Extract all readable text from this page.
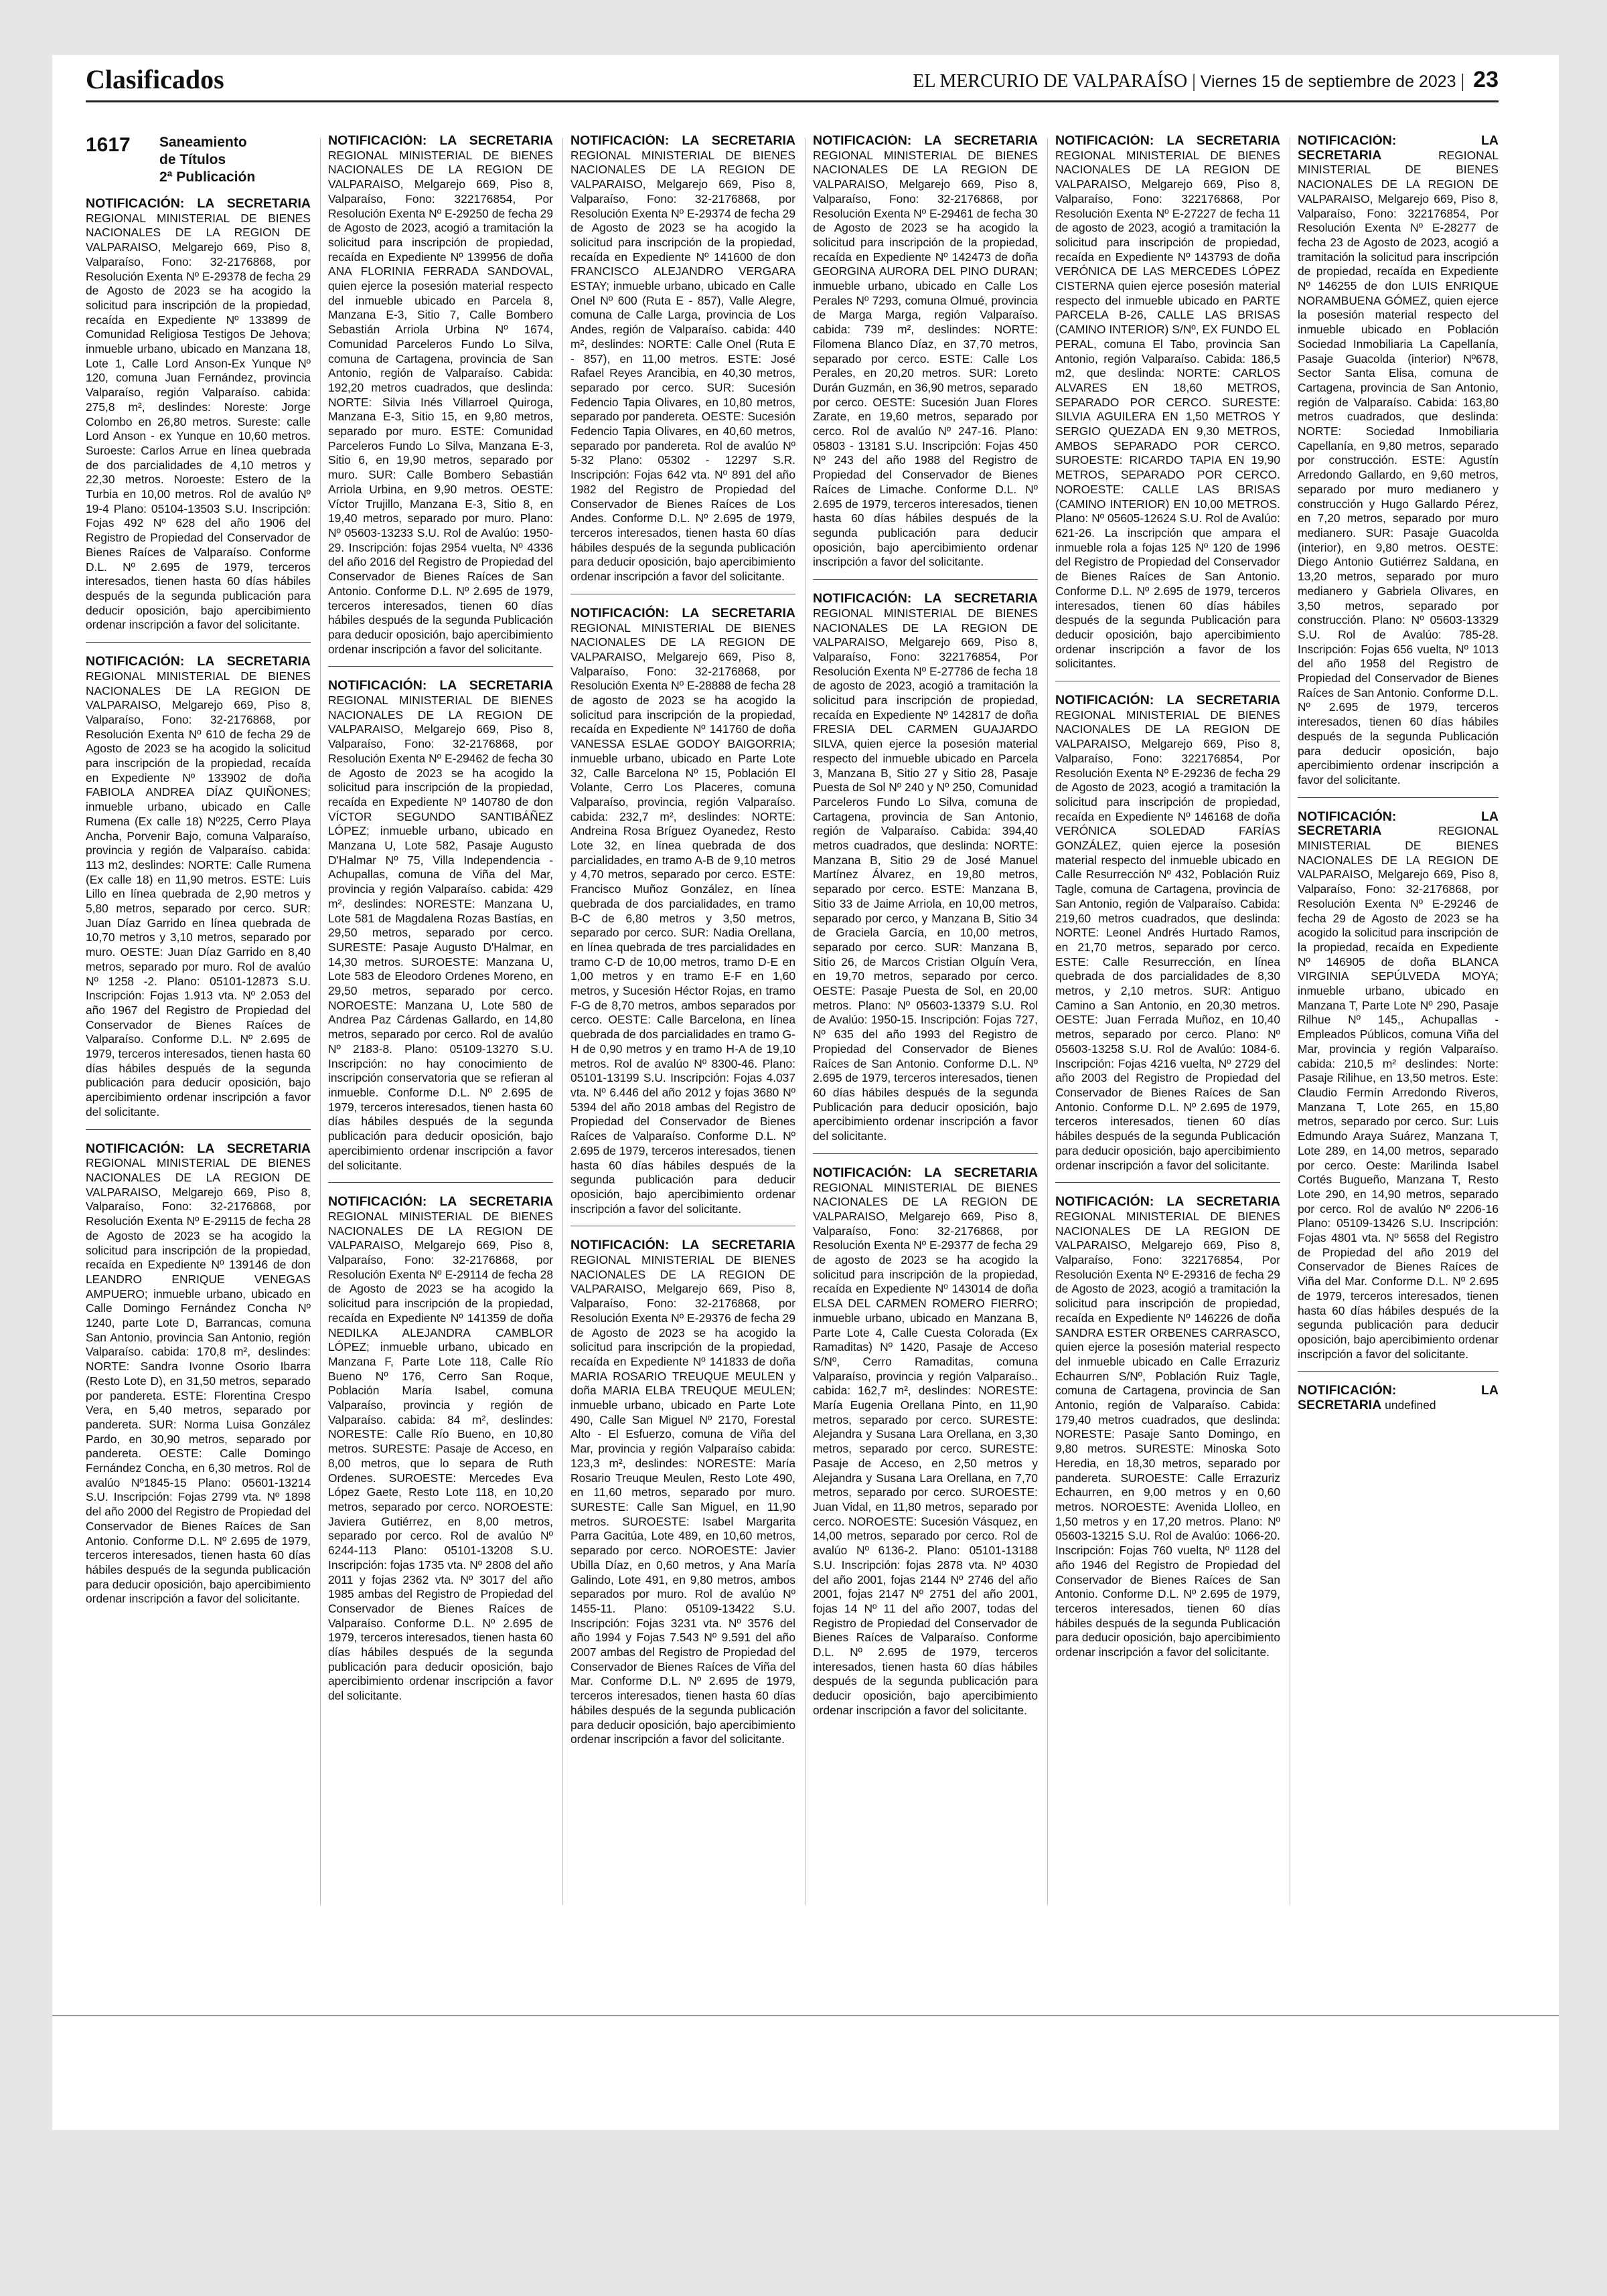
Clasificados	EL MERCURIO DE VALPARAÍSO | Viernes 15 de septiembre de 2023 | 23
1617	Saneamiento
de Títulos
2ª Publicación
NOTIFICACIÓN: LA SECRETARIA REGIONAL MINISTERIAL DE BIENES NACIONALES DE LA REGION DE VALPARAISO, Melgarejo 669, Piso 8, Valparaíso, Fono: 32-2176868, por Resolución Exenta Nº E-29378 de fecha 29 de Agosto de 2023 se ha acogido la solicitud para inscripción de la propiedad, recaída en Expediente Nº 133899 de Comunidad Religiosa Testigos De Jehova; inmueble urbano, ubicado en Manzana 18, Lote 1, Calle Lord Anson-Ex Yunque Nº 120, comuna Juan Fernández, provincia Valparaíso, región Valparaíso. cabida: 275,8 m², deslindes: Noreste: Jorge Colombo en 26,80 metros. Sureste: calle Lord Anson - ex Yunque en 10,60 metros. Suroeste: Carlos Arrue en línea quebrada de dos parcialidades de 4,10 metros y 22,30 metros. Noroeste: Estero de la Turbia en 10,00 metros. Rol de avalúo Nº 19-4 Plano: 05104-13503 S.U. Inscripción: Fojas 492 Nº 628 del año 1906 del Registro de Propiedad del Conservador de Bienes Raíces de Valparaíso. Conforme D.L. Nº 2.695 de 1979, terceros interesados, tienen hasta 60 días hábiles después de la segunda publicación para deducir oposición, bajo apercibimiento ordenar inscripción a favor del solicitante.
NOTIFICACIÓN: LA SECRETARIA REGIONAL MINISTERIAL DE BIENES NACIONALES DE LA REGION DE VALPARAISO, Melgarejo 669, Piso 8, Valparaíso, Fono: 32-2176868, por Resolución Exenta Nº 610 de fecha 29 de Agosto de 2023 se ha acogido la solicitud para inscripción de la propiedad, recaída en Expediente Nº 133902 de doña FABIOLA ANDREA DÍAZ QUIÑONES; inmueble urbano, ubicado en Calle Rumena (Ex calle 18) Nº225, Cerro Playa Ancha, Porvenir Bajo, comuna Valparaíso, provincia y región de Valparaíso. cabida: 113 m2, deslindes: NORTE: Calle Rumena (Ex calle 18) en 11,90 metros. ESTE: Luis Lillo en línea quebrada de 2,90 metros y 5,80 metros, separado por cerco. SUR: Juan Díaz Garrido en línea quebrada de 10,70 metros y 3,10 metros, separado por muro. OESTE: Juan Díaz Garrido en 8,40 metros, separado por muro. Rol de avalúo Nº 1258 -2. Plano: 05101-12873 S.U. Inscripción: Fojas 1.913 vta. Nº 2.053 del año 1967 del Registro de Propiedad del Conservador de Bienes Raíces de Valparaíso. Conforme D.L. Nº 2.695 de 1979, terceros interesados, tienen hasta 60 días hábiles después de la segunda publicación para deducir oposición, bajo apercibimiento ordenar inscripción a favor del solicitante.
NOTIFICACIÓN: LA SECRETARIA REGIONAL MINISTERIAL DE BIENES NACIONALES DE LA REGION DE VALPARAISO, Melgarejo 669, Piso 8, Valparaíso, Fono: 32-2176868, por Resolución Exenta Nº E-29115 de fecha 28 de Agosto de 2023 se ha acogido la solicitud para inscripción de la propiedad, recaída en Expediente Nº 139146 de don LEANDRO ENRIQUE VENEGAS AMPUERO; inmueble urbano, ubicado en Calle Domingo Fernández Concha Nº 1240, parte Lote D, Barrancas, comuna San Antonio, provincia San Antonio, región Valparaíso. cabida: 170,8 m², deslindes: NORTE: Sandra Ivonne Osorio Ibarra (Resto Lote D), en 31,50 metros, separado por pandereta. ESTE: Florentina Crespo Vera, en 5,40 metros, separado por pandereta. SUR: Norma Luisa González Pardo, en 30,90 metros, separado por pandereta. OESTE: Calle Domingo Fernández Concha, en 6,30 metros. Rol de avalúo Nº1845-15 Plano: 05601-13214 S.U. Inscripción: Fojas 2799 vta. Nº 1898 del año 2000 del Registro de Propiedad del Conservador de Bienes Raíces de San Antonio. Conforme D.L. Nº 2.695 de 1979, terceros interesados, tienen hasta 60 días hábiles después de la segunda publicación para deducir oposición, bajo apercibimiento ordenar inscripción a favor del solicitante.
NOTIFICACIÓN: LA SECRETARIA REGIONAL MINISTERIAL DE BIENES NACIONALES DE LA REGION DE VALPARAISO, Melgarejo 669, Piso 8, Valparaíso, Fono: 322176854, Por Resolución Exenta Nº E-29250 de fecha 29 de Agosto de 2023, acogió a tramitación la solicitud para inscripción de propiedad, recaída en Expediente Nº 139956 de doña ANA FLORINIA FERRADA SANDOVAL, quien ejerce la posesión material respecto del inmueble ubicado en Parcela 8, Manzana E-3, Sitio 7, Calle Bombero Sebastián Arriola Urbina Nº 1674, Comunidad Parceleros Fundo Lo Silva, comuna de Cartagena, provincia de San Antonio, región de Valparaíso. Cabida: 192,20 metros cuadrados, que deslinda: NORTE: Silvia Inés Villarroel Quiroga, Manzana E-3, Sitio 15, en 9,80 metros, separado por muro. ESTE: Comunidad Parceleros Fundo Lo Silva, Manzana E-3, Sitio 6, en 19,90 metros, separado por muro. SUR: Calle Bombero Sebastián Arriola Urbina, en 9,90 metros. OESTE: Víctor Trujillo, Manzana E-3, Sitio 8, en 19,40 metros, separado por muro. Plano: Nº 05603-13233 S.U. Rol de Avalúo: 1950-29. Inscripción: fojas 2954 vuelta, Nº 4336 del año 2016 del Registro de Propiedad del Conservador de Bienes Raíces de San Antonio. Conforme D.L. Nº 2.695 de 1979, terceros interesados, tienen 60 días hábiles después de la segunda Publicación para deducir oposición, bajo apercibimiento ordenar inscripción a favor del solicitante.
NOTIFICACIÓN: LA SECRETARIA REGIONAL MINISTERIAL DE BIENES NACIONALES DE LA REGION DE VALPARAISO, Melgarejo 669, Piso 8, Valparaíso, Fono: 32-2176868, por Resolución Exenta Nº E-29462 de fecha 30 de Agosto de 2023 se ha acogido la solicitud para inscripción de la propiedad, recaída en Expediente Nº 140780 de don VÍCTOR SEGUNDO SANTIBÁÑEZ LÓPEZ; inmueble urbano, ubicado en Manzana U, Lote 582, Pasaje Augusto D'Halmar Nº 75, Villa Independencia - Achupallas, comuna de Viña del Mar, provincia y región Valparaíso. cabida: 429 m², deslindes: NORESTE: Manzana U, Lote 581 de Magdalena Rozas Bastías, en 29,50 metros, separado por cerco. SURESTE: Pasaje Augusto D'Halmar, en 14,30 metros. SUROESTE: Manzana U, Lote 583 de Eleodoro Ordenes Moreno, en 29,50 metros, separado por cerco. NOROESTE: Manzana U, Lote 580 de Andrea Paz Cárdenas Gallardo, en 14,80 metros, separado por cerco. Rol de avalúo Nº 2183-8. Plano: 05109-13270 S.U. Inscripción: no hay conocimiento de inscripción conservatoria que se refieran al inmueble. Conforme D.L. Nº 2.695 de 1979, terceros interesados, tienen hasta 60 días hábiles después de la segunda publicación para deducir oposición, bajo apercibimiento ordenar inscripción a favor del solicitante.
NOTIFICACIÓN: LA SECRETARIA REGIONAL MINISTERIAL DE BIENES NACIONALES DE LA REGION DE VALPARAISO, Melgarejo 669, Piso 8, Valparaíso, Fono: 32-2176868, por Resolución Exenta Nº E-29114 de fecha 28 de Agosto de 2023 se ha acogido la solicitud para inscripción de la propiedad, recaída en Expediente Nº 141359 de doña NEDILKA ALEJANDRA CAMBLOR LÓPEZ; inmueble urbano, ubicado en Manzana F, Parte Lote 118, Calle Río Bueno Nº 176, Cerro San Roque, Población María Isabel, comuna Valparaíso, provincia y región de Valparaíso. cabida: 84 m², deslindes: NORESTE: Calle Río Bueno, en 10,80 metros. SURESTE: Pasaje de Acceso, en 8,00 metros, que lo separa de Ruth Ordenes. SUROESTE: Mercedes Eva López Gaete, Resto Lote 118, en 10,20 metros, separado por cerco. NOROESTE: Javiera Gutiérrez, en 8,00 metros, separado por cerco. Rol de avalúo Nº 6244-113 Plano: 05101-13208 S.U. Inscripción: fojas 1735 vta. Nº 2808 del año 2011 y fojas 2362 vta. Nº 3017 del año 1985 ambas del Registro de Propiedad del Conservador de Bienes Raíces de Valparaíso. Conforme D.L. Nº 2.695 de 1979, terceros interesados, tienen hasta 60 días hábiles después de la segunda publicación para deducir oposición, bajo apercibimiento ordenar inscripción a favor del solicitante.
NOTIFICACIÓN: LA SECRETARIA REGIONAL MINISTERIAL DE BIENES NACIONALES DE LA REGION DE VALPARAISO, Melgarejo 669, Piso 8, Valparaíso, Fono: 32-2176868, por Resolución Exenta Nº E-29374 de fecha 29 de Agosto de 2023 se ha acogido la solicitud para inscripción de la propiedad, recaída en Expediente Nº 141600 de don FRANCISCO ALEJANDRO VERGARA ESTAY; inmueble urbano, ubicado en Calle Onel Nº 600 (Ruta E - 857), Valle Alegre, comuna de Calle Larga, provincia de Los Andes, región de Valparaíso. cabida: 440 m², deslindes: NORTE: Calle Onel (Ruta E - 857), en 11,00 metros. ESTE: José Rafael Reyes Arancibia, en 40,30 metros, separado por cerco. SUR: Sucesión Fedencio Tapia Olivares, en 10,80 metros, separado por pandereta. OESTE: Sucesión Fedencio Tapia Olivares, en 40,60 metros, separado por pandereta. Rol de avalúo Nº 5-32 Plano: 05302 - 12297 S.R. Inscripción: Fojas 642 vta. Nº 891 del año 1982 del Registro de Propiedad del Conservador de Bienes Raíces de Los Andes. Conforme D.L. Nº 2.695 de 1979, terceros interesados, tienen hasta 60 días hábiles después de la segunda publicación para deducir oposición, bajo apercibimiento ordenar inscripción a favor del solicitante.
NOTIFICACIÓN: LA SECRETARIA REGIONAL MINISTERIAL DE BIENES NACIONALES DE LA REGION DE VALPARAISO, Melgarejo 669, Piso 8, Valparaíso, Fono: 32-2176868, por Resolución Exenta Nº E-28888 de fecha 28 de agosto de 2023 se ha acogido la solicitud para inscripción de la propiedad, recaída en Expediente Nº 141760 de doña VANESSA ESLAE GODOY BAIGORRIA; inmueble urbano, ubicado en Parte Lote 32, Calle Barcelona Nº 15, Población El Volante, Cerro Los Placeres, comuna Valparaíso, provincia, región Valparaíso. cabida: 232,7 m², deslindes: NORTE: Andreina Rosa Bríguez Oyanedez, Resto Lote 32, en línea quebrada de dos parcialidades, en tramo A-B de 9,10 metros y 4,70 metros, separado por cerco. ESTE: Francisco Muñoz González, en línea quebrada de dos parcialidades, en tramo B-C de 6,80 metros y 3,50 metros, separado por cerco. SUR: Nadia Orellana, en línea quebrada de tres parcialidades en tramo C-D de 10,00 metros, tramo D-E en 1,00 metros y en tramo E-F en 1,60 metros, y Sucesión Héctor Rojas, en tramo F-G de 8,70 metros, ambos separados por cerco. OESTE: Calle Barcelona, en línea quebrada de dos parcialidades en tramo G-H de 0,90 metros y en tramo H-A de 19,10 metros. Rol de avalúo Nº 8300-46. Plano: 05101-13199 S.U. Inscripción: Fojas 4.037 vta. Nº 6.446 del año 2012 y fojas 3680 Nº 5394 del año 2018 ambas del Registro de Propiedad del Conservador de Bienes Raíces de Valparaíso. Conforme D.L. Nº 2.695 de 1979, terceros interesados, tienen hasta 60 días hábiles después de la segunda publicación para deducir oposición, bajo apercibimiento ordenar inscripción a favor del solicitante.
NOTIFICACIÓN: LA SECRETARIA REGIONAL MINISTERIAL DE BIENES NACIONALES DE LA REGION DE VALPARAISO, Melgarejo 669, Piso 8, Valparaíso, Fono: 32-2176868, por Resolución Exenta Nº E-29376 de fecha 29 de Agosto de 2023 se ha acogido la solicitud para inscripción de la propiedad, recaída en Expediente Nº 141833 de doña MARIA ROSARIO TREUQUE MEULEN y doña MARIA ELBA TREUQUE MEULEN; inmueble urbano, ubicado en Parte Lote 490, Calle San Miguel Nº 2170, Forestal Alto - El Esfuerzo, comuna de Viña del Mar, provincia y región Valparaíso cabida: 123,3 m², deslindes: NORESTE: María Rosario Treuque Meulen, Resto Lote 490, en 11,60 metros, separado por muro. SURESTE: Calle San Miguel, en 11,90 metros. SUROESTE: Isabel Margarita Parra Gacitúa, Lote 489, en 10,60 metros, separado por cerco. NOROESTE: Javier Ubilla Díaz, en 0,60 metros, y Ana María Galindo, Lote 491, en 9,80 metros, ambos separados por muro. Rol de avalúo Nº 1455-11. Plano: 05109-13422 S.U. Inscripción: Fojas 3231 vta. Nº 3576 del año 1994 y Fojas 7.543 Nº 9.591 del año 2007 ambas del Registro de Propiedad del Conservador de Bienes Raíces de Viña del Mar. Conforme D.L. Nº 2.695 de 1979, terceros interesados, tienen hasta 60 días hábiles después de la segunda publicación para deducir oposición, bajo apercibimiento ordenar inscripción a favor del solicitante.
NOTIFICACIÓN: LA SECRETARIA REGIONAL MINISTERIAL DE BIENES NACIONALES DE LA REGION DE VALPARAISO, Melgarejo 669, Piso 8, Valparaíso, Fono: 32-2176868, por Resolución Exenta Nº E-29461 de fecha 30 de Agosto de 2023 se ha acogido la solicitud para inscripción de la propiedad, recaída en Expediente Nº 142473 de doña GEORGINA AURORA DEL PINO DURAN; inmueble urbano, ubicado en Calle Los Perales Nº 7293, comuna Olmué, provincia de Marga Marga, región Valparaíso. cabida: 739 m², deslindes: NORTE: Filomena Blanco Díaz, en 37,70 metros, separado por cerco. ESTE: Calle Los Perales, en 20,20 metros. SUR: Loreto Durán Guzmán, en 36,90 metros, separado por cerco. OESTE: Sucesión Juan Flores Zarate, en 19,60 metros, separado por cerco. Rol de avalúo Nº 247-16. Plano: 05803 - 13181 S.U. Inscripción: Fojas 450 Nº 243 del año 1988 del Registro de Propiedad del Conservador de Bienes Raíces de Limache. Conforme D.L. Nº 2.695 de 1979, terceros interesados, tienen hasta 60 días hábiles después de la segunda publicación para deducir oposición, bajo apercibimiento ordenar inscripción a favor del solicitante.
NOTIFICACIÓN: LA SECRETARIA REGIONAL MINISTERIAL DE BIENES NACIONALES DE LA REGION DE VALPARAISO, Melgarejo 669, Piso 8, Valparaíso, Fono: 322176854, Por Resolución Exenta Nº E-27786 de fecha 18 de agosto de 2023, acogió a tramitación la solicitud para inscripción de propiedad, recaída en Expediente Nº 142817 de doña FRESIA DEL CARMEN GUAJARDO SILVA, quien ejerce la posesión material respecto del inmueble ubicado en Parcela 3, Manzana B, Sitio 27 y Sitio 28, Pasaje Puesta de Sol Nº 240 y Nº 250, Comunidad Parceleros Fundo Lo Silva, comuna de Cartagena, provincia de San Antonio, región de Valparaíso. Cabida: 394,40 metros cuadrados, que deslinda: NORTE: Manzana B, Sitio 29 de José Manuel Martínez Álvarez, en 19,80 metros, separado por cerco. ESTE: Manzana B, Sitio 33 de Jaime Arriola, en 10,00 metros, separado por cerco, y Manzana B, Sitio 34 de Graciela García, en 10,00 metros, separado por cerco. SUR: Manzana B, Sitio 26, de Marcos Cristian Olguín Vera, en 19,70 metros, separado por cerco. OESTE: Pasaje Puesta de Sol, en 20,00 metros. Plano: Nº 05603-13379 S.U. Rol de Avalúo: 1950-15. Inscripción: Fojas 727, Nº 635 del año 1993 del Registro de Propiedad del Conservador de Bienes Raíces de San Antonio. Conforme D.L. Nº 2.695 de 1979, terceros interesados, tienen 60 días hábiles después de la segunda Publicación para deducir oposición, bajo apercibimiento ordenar inscripción a favor del solicitante.
NOTIFICACIÓN: LA SECRETARIA REGIONAL MINISTERIAL DE BIENES NACIONALES DE LA REGION DE VALPARAISO, Melgarejo 669, Piso 8, Valparaíso, Fono: 32-2176868, por Resolución Exenta Nº E-29377 de fecha 29 de agosto de 2023 se ha acogido la solicitud para inscripción de la propiedad, recaída en Expediente Nº 143014 de doña ELSA DEL CARMEN ROMERO FIERRO; inmueble urbano, ubicado en Manzana B, Parte Lote 4, Calle Cuesta Colorada (Ex Ramaditas) Nº 1420, Pasaje de Acceso S/Nº, Cerro Ramaditas, comuna Valparaíso, provincia y región Valparaíso.. cabida: 162,7 m², deslindes: NORESTE: María Eugenia Orellana Pinto, en 11,90 metros, separado por cerco. SURESTE: Alejandra y Susana Lara Orellana, en 3,30 metros, separado por cerco. SURESTE: Pasaje de Acceso, en 2,50 metros y Alejandra y Susana Lara Orellana, en 7,70 metros, separado por cerco. SUROESTE: Juan Vidal, en 11,80 metros, separado por cerco. NOROESTE: Sucesión Vásquez, en 14,00 metros, separado por cerco. Rol de avalúo Nº 6136-2. Plano: 05101-13188 S.U. Inscripción: fojas 2878 vta. Nº 4030 del año 2001, fojas 2144 Nº 2746 del año 2001, fojas 2147 Nº 2751 del año 2001, fojas 14 Nº 11 del año 2007, todas del Registro de Propiedad del Conservador de Bienes Raíces de Valparaíso. Conforme D.L. Nº 2.695 de 1979, terceros interesados, tienen hasta 60 días hábiles después de la segunda publicación para deducir oposición, bajo apercibimiento ordenar inscripción a favor del solicitante.
NOTIFICACIÓN: LA SECRETARIA REGIONAL MINISTERIAL DE BIENES NACIONALES DE LA REGION DE VALPARAISO, Melgarejo 669, Piso 8, Valparaíso, Fono: 322176868, Por Resolución Exenta Nº E-27227 de fecha 11 de agosto de 2023, acogió a tramitación la solicitud para inscripción de propiedad, recaída en Expediente Nº 143793 de doña VERÓNICA DE LAS MERCEDES LÓPEZ CISTERNA quien ejerce posesión material respecto del inmueble ubicado en PARTE PARCELA B-26, CALLE LAS BRISAS (CAMINO INTERIOR) S/Nº, EX FUNDO EL PERAL, comuna El Tabo, provincia San Antonio, región Valparaíso. Cabida: 186,5 m2, que deslinda: NORTE: CARLOS ALVARES EN 18,60 METROS, SEPARADO POR CERCO. SURESTE: SILVIA AGUILERA EN 1,50 METROS Y SERGIO QUEZADA EN 9,30 METROS, AMBOS SEPARADO POR CERCO. SUROESTE: RICARDO TAPIA EN 19,90 METROS, SEPARADO POR CERCO. NOROESTE: CALLE LAS BRISAS (CAMINO INTERIOR) EN 10,00 METROS. Plano: Nº 05605-12624 S.U. Rol de Avalúo: 621-26. La inscripción que ampara el inmueble rola a fojas 125 Nº 120 de 1996 del Registro de Propiedad del Conservador de Bienes Raíces de San Antonio. Conforme D.L. Nº 2.695 de 1979, terceros interesados, tienen 60 días hábiles después de la segunda Publicación para deducir oposición, bajo apercibimiento ordenar inscripción a favor de los solicitantes.
NOTIFICACIÓN: LA SECRETARIA REGIONAL MINISTERIAL DE BIENES NACIONALES DE LA REGION DE VALPARAISO, Melgarejo 669, Piso 8, Valparaíso, Fono: 322176854, Por Resolución Exenta Nº E-29236 de fecha 29 de Agosto de 2023, acogió a tramitación la solicitud para inscripción de propiedad, recaída en Expediente Nº 146168 de doña VERÓNICA SOLEDAD FARÍAS GONZÁLEZ, quien ejerce la posesión material respecto del inmueble ubicado en Calle Resurrección Nº 432, Población Ruiz Tagle, comuna de Cartagena, provincia de San Antonio, región de Valparaíso. Cabida: 219,60 metros cuadrados, que deslinda: NORTE: Leonel Andrés Hurtado Ramos, en 21,70 metros, separado por cerco. ESTE: Calle Resurrección, en línea quebrada de dos parcialidades de 8,30 metros, y 2,10 metros. SUR: Antiguo Camino a San Antonio, en 20,30 metros. OESTE: Juan Ferrada Muñoz, en 10,40 metros, separado por cerco. Plano: Nº 05603-13258 S.U. Rol de Avalúo: 1084-6. Inscripción: Fojas 4216 vuelta, Nº 2729 del año 2003 del Registro de Propiedad del Conservador de Bienes Raíces de San Antonio. Conforme D.L. Nº 2.695 de 1979, terceros interesados, tienen 60 días hábiles después de la segunda Publicación para deducir oposición, bajo apercibimiento ordenar inscripción a favor del solicitante.
NOTIFICACIÓN: LA SECRETARIA REGIONAL MINISTERIAL DE BIENES NACIONALES DE LA REGION DE VALPARAISO, Melgarejo 669, Piso 8, Valparaíso, Fono: 322176854, Por Resolución Exenta Nº E-29316 de fecha 29 de Agosto de 2023, acogió a tramitación la solicitud para inscripción de propiedad, recaída en Expediente Nº 146226 de doña SANDRA ESTER ORBENES CARRASCO, quien ejerce la posesión material respecto del inmueble ubicado en Calle Errazuriz Echaurren S/Nº, Población Ruiz Tagle, comuna de Cartagena, provincia de San Antonio, región de Valparaíso. Cabida: 179,40 metros cuadrados, que deslinda: NORESTE: Pasaje Santo Domingo, en 9,80 metros. SURESTE: Minoska Soto Heredia, en 18,30 metros, separado por pandereta. SUROESTE: Calle Errazuriz Echaurren, en 9,00 metros y en 0,60 metros. NOROESTE: Avenida Llolleo, en 1,50 metros y en 17,20 metros. Plano: Nº 05603-13215 S.U. Rol de Avalúo: 1066-20. Inscripción: Fojas 760 vuelta, Nº 1128 del año 1946 del Registro de Propiedad del Conservador de Bienes Raíces de San Antonio. Conforme D.L. Nº 2.695 de 1979, terceros interesados, tienen 60 días hábiles después de la segunda Publicación para deducir oposición, bajo apercibimiento ordenar inscripción a favor del solicitante.
NOTIFICACIÓN: LA SECRETARIA REGIONAL MINISTERIAL DE BIENES NACIONALES DE LA REGION DE VALPARAISO, Melgarejo 669, Piso 8, Valparaíso, Fono: 322176854, Por Resolución Exenta Nº E-28277 de fecha 23 de Agosto de 2023, acogió a tramitación la solicitud para inscripción de propiedad, recaída en Expediente Nº 146255 de don LUIS ENRIQUE NORAMBUENA GÓMEZ, quien ejerce la posesión material respecto del inmueble ubicado en Población Sociedad Inmobiliaria La Capellanía, Pasaje Guacolda (interior) Nº678, Sector Santa Elisa, comuna de Cartagena, provincia de San Antonio, región de Valparaíso. Cabida: 163,80 metros cuadrados, que deslinda: NORTE: Sociedad Inmobiliaria Capellanía, en 9,80 metros, separado por construcción. ESTE: Agustín Arredondo Gallardo, en 9,60 metros, separado por muro medianero y construcción y Hugo Gallardo Pérez, en 7,20 metros, separado por muro medianero. SUR: Pasaje Guacolda (interior), en 9,80 metros. OESTE: Diego Antonio Gutiérrez Saldana, en 13,20 metros, separado por muro medianero y Gabriela Olivares, en 3,50 metros, separado por construcción. Plano: Nº 05603-13329 S.U. Rol de Avalúo: 785-28. Inscripción: Fojas 656 vuelta, Nº 1013 del año 1958 del Registro de Propiedad del Conservador de Bienes Raíces de San Antonio. Conforme D.L. Nº 2.695 de 1979, terceros interesados, tienen 60 días hábiles después de la segunda Publicación para deducir oposición, bajo apercibimiento ordenar inscripción a favor del solicitante.
NOTIFICACIÓN: LA SECRETARIA REGIONAL MINISTERIAL DE BIENES NACIONALES DE LA REGION DE VALPARAISO, Melgarejo 669, Piso 8, Valparaíso, Fono: 32-2176868, por Resolución Exenta Nº E-29246 de fecha 29 de Agosto de 2023 se ha acogido la solicitud para inscripción de la propiedad, recaída en Expediente Nº 146905 de doña BLANCA VIRGINIA SEPÚLVEDA MOYA; inmueble urbano, ubicado en Manzana T, Parte Lote Nº 290, Pasaje Rilhue Nº 145,, Achupallas - Empleados Públicos, comuna Viña del Mar, provincia y región Valparaíso. cabida: 210,5 m² deslindes: Norte: Pasaje Rilihue, en 13,50 metros. Este: Claudio Fermín Arredondo Riveros, Manzana T, Lote 265, en 15,80 metros, separado por cerco. Sur: Luis Edmundo Araya Suárez, Manzana T, Lote 289, en 14,00 metros, separado por cerco. Oeste: Marilinda Isabel Cortés Bugueño, Manzana T, Resto Lote 290, en 14,90 metros, separado por cerco. Rol de avalúo Nº 2206-16 Plano: 05109-13426 S.U. Inscripción: Fojas 4801 vta. Nº 5658 del Registro de Propiedad del año 2019 del Conservador de Bienes Raíces de Viña del Mar. Conforme D.L. Nº 2.695 de 1979, terceros interesados, tienen hasta 60 días hábiles después de la segunda publicación para deducir oposición, bajo apercibimiento ordenar inscripción a favor del solicitante.
NOTIFICACIÓN: LA SECRETARIA undefined
